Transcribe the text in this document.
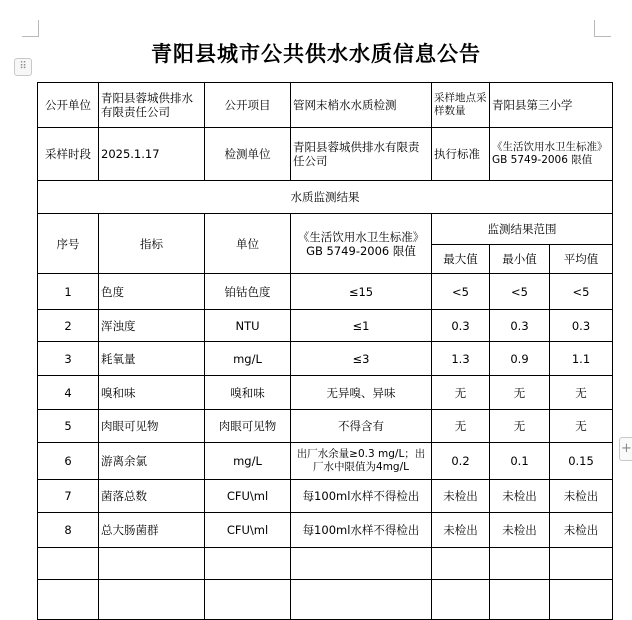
⠿
+
青阳县城市公共供水水质信息公告
公开单位	青阳县蓉城供排水有限责任公司	公开项目	管网末梢水水质检测	采样地点采样数量	青阳县第三小学	
采样时段	2025.1.17	检测单位	青阳县蓉城供排水有限责任公司	执行标准	《生活饮用水卫生标准》GB 5749-2006 限值	
水质监测结果						
序号	指标	单位	《生活饮用水卫生标准》GB 5749-2006 限值	监测结果范围		
				最大值	最小值	平均值
1	色度	铂钴色度	≤15	<5	<5	<5
2	浑浊度	NTU	≤1	0.3	0.3	0.3
3	耗氧量	mg/L	≤3	1.3	0.9	1.1
4	嗅和味	嗅和味	无异嗅、异味	无	无	无
5	肉眼可见物	肉眼可见物	不得含有	无	无	无
6	游离余氯	mg/L	出厂水余量≥0.3 mg/L；出厂水中限值为4mg/L	0.2	0.1	0.15
7	菌落总数	CFU\ml	每100ml水样不得检出	未检出	未检出	未检出
8	总大肠菌群	CFU\ml	每100ml水样不得检出	未检出	未检出	未检出
